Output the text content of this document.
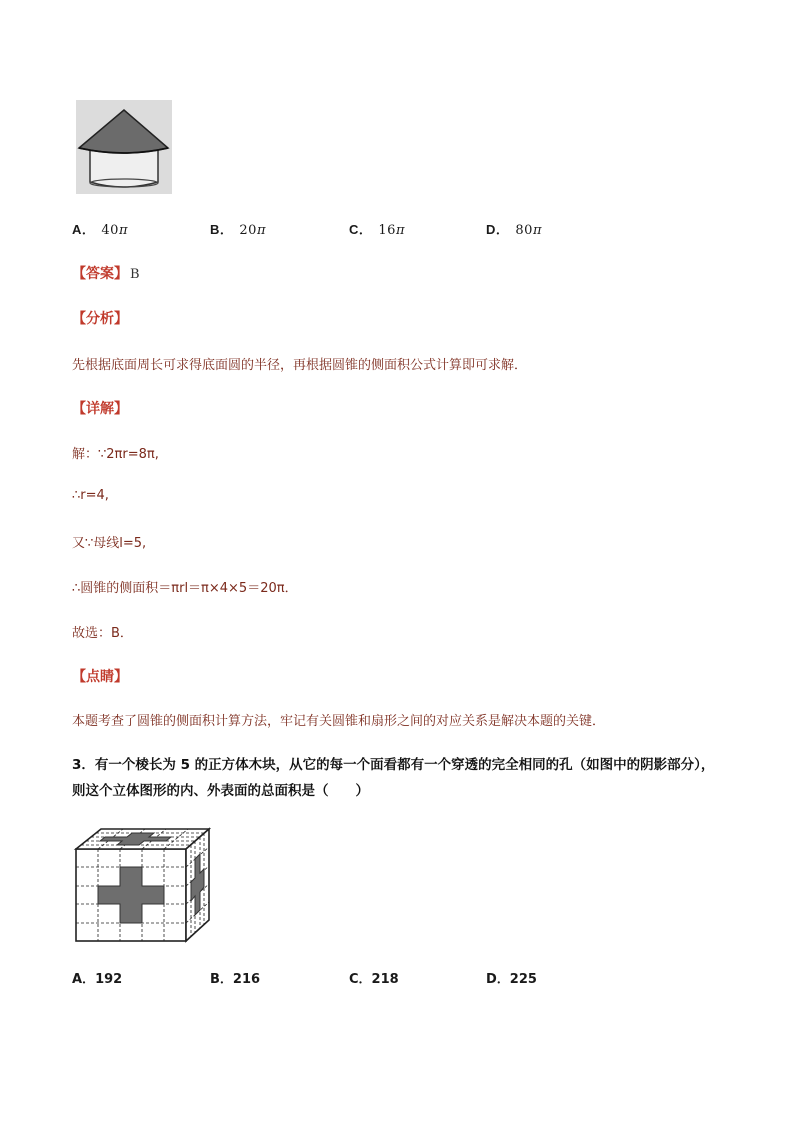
A． 40π	B． 20π	C． 16π	D． 80π
【答案】 B
【分析】
先根据底面周长可求得底面圆的半径，再根据圆锥的侧面积公式计算即可求解．
【详解】
解：∵2πr=8π,
∴r=4,
又∵母线l=5,
∴圆锥的侧面积＝πrl＝π×4×5＝20π．
故选：B．
【点睛】
本题考查了圆锥的侧面积计算方法，牢记有关圆锥和扇形之间的对应关系是解决本题的关键．
3．有一个棱长为 5 的正方体木块，从它的每一个面看都有一个穿透的完全相同的孔（如图中的阴影部分），
则这个立体图形的内、外表面的总面积是（　　）
A．192	B．216	C．218	D．225
